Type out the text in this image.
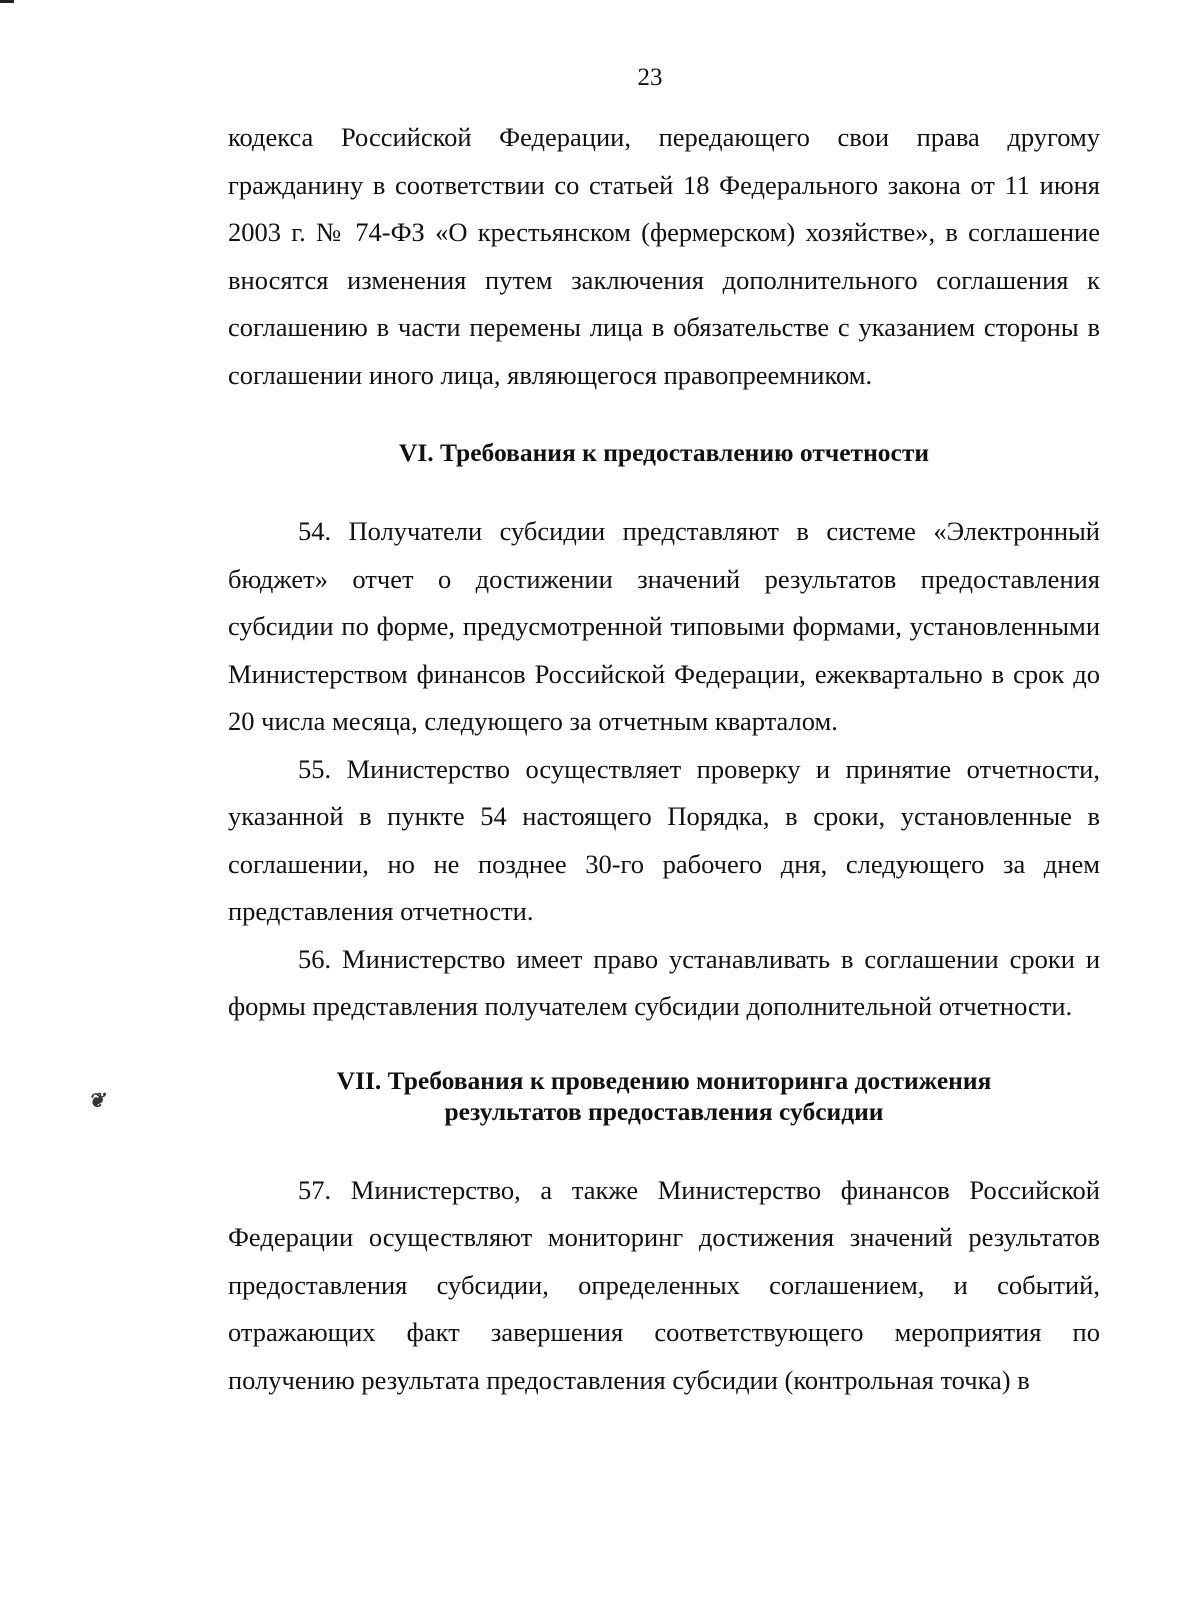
23

кодекса Российской Федерации, передающего свои права другому гражданину в соответствии со статьей 18 Федерального закона от 11 июня 2003 г. № 74-ФЗ «О крестьянском (фермерском) хозяйстве», в соглашение вносятся изменения путем заключения дополнительного соглашения к соглашению в части перемены лица в обязательстве с указанием стороны в соглашении иного лица, являющегося правопреемником.

VI. Требования к предоставлению отчетности

54. Получатели субсидии представляют в системе «Электронный бюджет» отчет о достижении значений результатов предоставления субсидии по форме, предусмотренной типовыми формами, установленными Министерством финансов Российской Федерации, ежеквартально в срок до 20 числа месяца, следующего за отчетным кварталом.

55. Министерство осуществляет проверку и принятие отчетности, указанной в пункте 54 настоящего Порядка, в сроки, установленные в соглашении, но не позднее 30-го рабочего дня, следующего за днем представления отчетности.

56. Министерство имеет право устанавливать в соглашении сроки и формы представления получателем субсидии дополнительной отчетности.

VII. Требования к проведению мониторинга достижения
результатов предоставления субсидии

57. Министерство, а также Министерство финансов Российской Федерации осуществляют мониторинг достижения значений результатов предоставления субсидии, определенных соглашением, и событий, отражающих факт завершения соответствующего мероприятия по получению результата предоставления субсидии (контрольная точка) в

❦
